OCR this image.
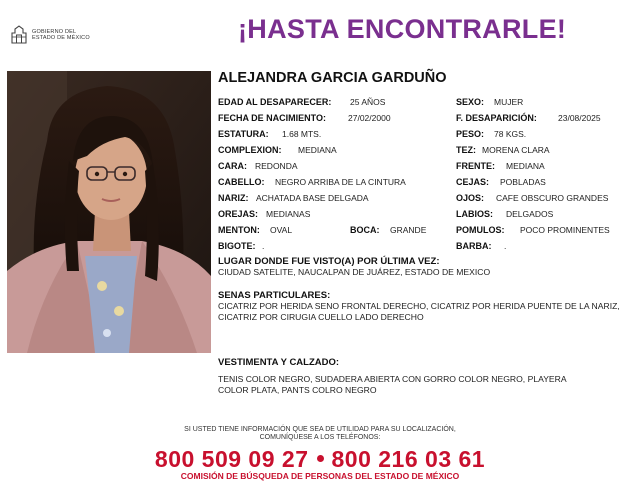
GOBIERNO DEL
ESTADO DE MÉXICO	¡HASTA ENCONTRARLE!
ALEJANDRA GARCIA GARDUÑO
EDAD AL DESAPARECER: 25 AÑOS
FECHA DE NACIMIENTO:	27/02/2000
ESTATURA: 1.68 MTS.
COMPLEXION: MEDIANA
CARA: REDONDA
CABELLO: NEGRO ARRIBA DE LA CINTURA
NARIZ: ACHATADA BASE DELGADA
OREJAS: MEDIANAS
MENTON: OVAL
BIGOTE: .
BOCA: GRANDE
SEXO: MUJER
F. DESAPARICIÓN: 23/08/2025
PESO: 78 KGS.
TEZ: MORENA CLARA
FRENTE: MEDIANA
CEJAS: POBLADAS
OJOS: CAFE OBSCURO GRANDES
LABIOS: DELGADOS
POMULOS: POCO PROMINENTES
BARBA: .
LUGAR DONDE FUE VISTO(A) POR ÚLTIMA VEZ:
CIUDAD SATELITE, NAUCALPAN DE JUÁREZ, ESTADO DE MEXICO
SENAS PARTICULARES:
CICATRIZ POR HERIDA SENO FRONTAL DERECHO, CICATRIZ POR HERIDA PUENTE DE LA NARIZ, CICATRIZ POR CIRUGIA CUELLO LADO DERECHO
VESTIMENTA Y CALZADO:
TENIS COLOR NEGRO, SUDADERA ABIERTA CON GORRO COLOR NEGRO, PLAYERA COLOR PLATA, PANTS COLRO NEGRO
SI USTED TIENE INFORMACIÓN QUE SEA DE UTILIDAD PARA SU LOCALIZACIÓN,
COMUNÍQUESE A LOS TELÉFONOS:
800 509 09 27 800 216 03 61
COMISIÓN DE BÚSQUEDA DE PERSONAS DEL ESTADO DE MÉXICO
